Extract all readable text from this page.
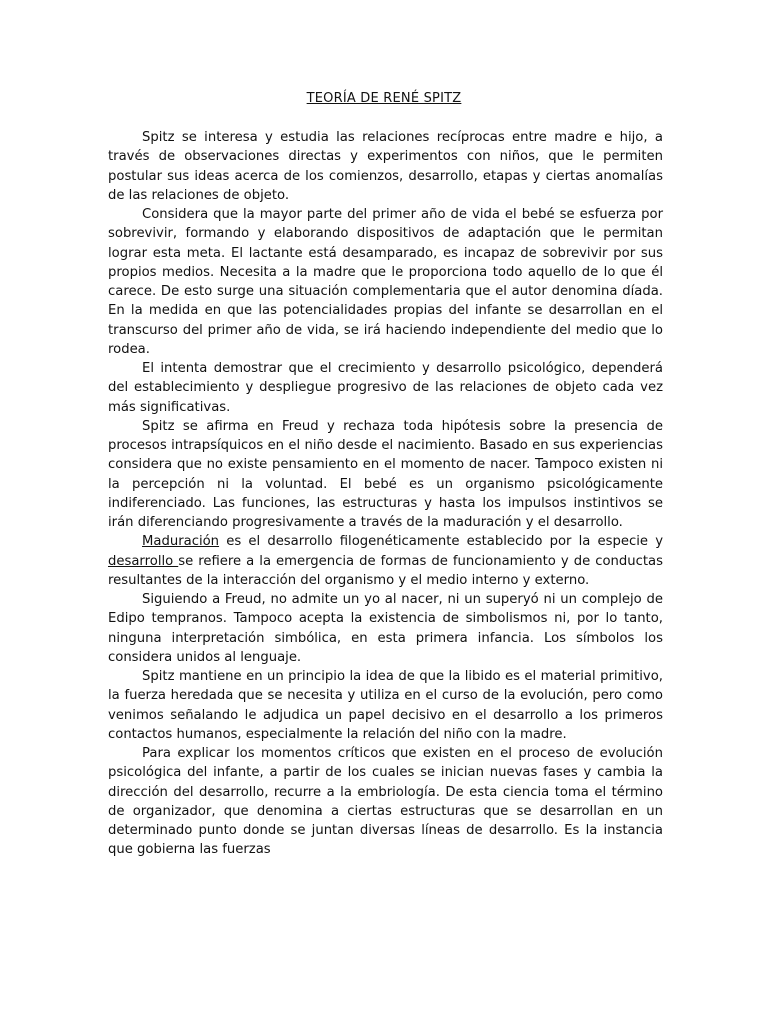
TEORÍA DE RENÉ SPITZ

Spitz se interesa y estudia las relaciones recíprocas entre madre e hijo, a través de observaciones directas y experimentos con niños, que le permiten postular sus ideas acerca de los comienzos, desarrollo, etapas y ciertas anomalías de las relaciones de objeto.

Considera que la mayor parte del primer año de vida el bebé se esfuerza por sobrevivir, formando y elaborando dispositivos de adaptación que le permitan lograr esta meta. El lactante está desamparado, es incapaz de sobrevivir por sus propios medios. Necesita a la madre que le proporciona todo aquello de lo que él carece. De esto surge una situación complementaria que el autor denomina díada. En la medida en que las potencialidades propias del infante se desarrollan en el transcurso del primer año de vida, se irá haciendo independiente del medio que lo rodea.

El intenta demostrar que el crecimiento y desarrollo psicológico, dependerá del establecimiento y despliegue progresivo de las relaciones de objeto cada vez más significativas.

Spitz se afirma en Freud y rechaza toda hipótesis sobre la presencia de procesos intrapsíquicos en el niño desde el nacimiento. Basado en sus experiencias considera que no existe pensamiento en el momento de nacer. Tampoco existen ni la percepción ni la voluntad. El bebé es un organismo psicológicamente indiferenciado. Las funciones, las estructuras y hasta los impulsos instintivos se irán diferenciando progresivamente a través de la maduración y el desarrollo.

Maduración es el desarrollo filogenéticamente establecido por la especie y desarrollo se refiere a la emergencia de formas de funcionamiento y de conductas resultantes de la interacción del organismo y el medio interno y externo.

Siguiendo a Freud, no admite un yo al nacer, ni un superyó ni un complejo de Edipo tempranos. Tampoco acepta la existencia de simbolismos ni, por lo tanto, ninguna interpretación simbólica, en esta primera infancia. Los símbolos los considera unidos al lenguaje.

Spitz mantiene en un principio la idea de que la libido es el material primitivo, la fuerza heredada que se necesita y utiliza en el curso de la evolución, pero como venimos señalando le adjudica un papel decisivo en el desarrollo a los primeros contactos humanos, especialmente la relación del niño con la madre.

Para explicar los momentos críticos que existen en el proceso de evolución psicológica del infante, a partir de los cuales se inician nuevas fases y cambia la dirección del desarrollo, recurre a la embriología. De esta ciencia toma el término de organizador, que denomina a ciertas estructuras que se desarrollan en un determinado punto donde se juntan diversas líneas de desarrollo. Es la instancia que gobierna las fuerzas
